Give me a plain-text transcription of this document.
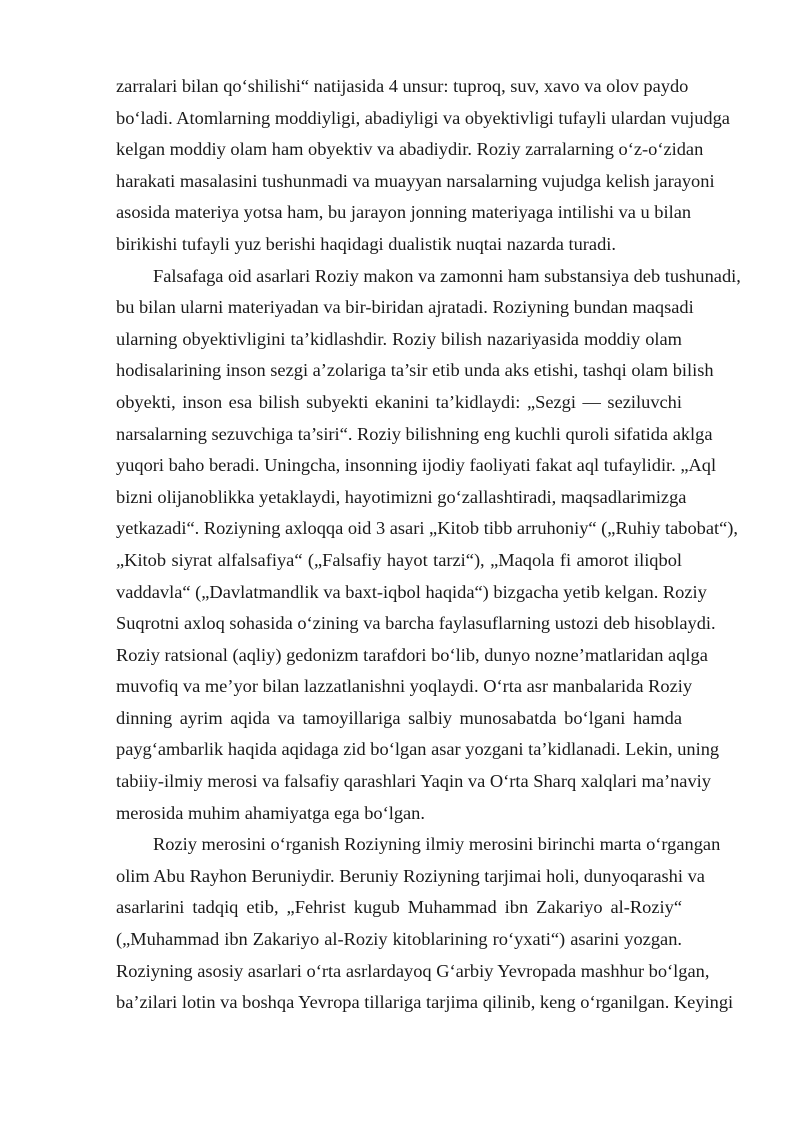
zarralari bilan qo‘shilishi“ natijasida 4 unsur: tuproq, suv, xavo va olov paydo
bo‘ladi. Atomlarning moddiyligi, abadiyligi va obyektivligi tufayli ulardan vujudga
kelgan moddiy olam ham obyektiv va abadiydir. Roziy zarralarning o‘z-o‘zidan
harakati masalasini tushunmadi va muayyan narsalarning vujudga kelish jarayoni
asosida materiya yotsa ham, bu jarayon jonning materiyaga intilishi va u bilan
birikishi tufayli yuz berishi haqidagi dualistik nuqtai nazarda turadi.
Falsafaga oid asarlari Roziy makon va zamonni ham substansiya deb tushunadi,
bu bilan ularni materiyadan va bir-biridan ajratadi. Roziyning bundan maqsadi
ularning obyektivligini ta’kidlashdir. Roziy bilish nazariyasida moddiy olam
hodisalarining inson sezgi a’zolariga ta’sir etib unda aks etishi, tashqi olam bilish
obyekti, inson esa bilish subyekti ekanini ta’kidlaydi: „Sezgi — seziluvchi
narsalarning sezuvchiga ta’siri“. Roziy bilishning eng kuchli quroli sifatida aklga
yuqori baho beradi. Uningcha, insonning ijodiy faoliyati fakat aql tufaylidir. „Aql
bizni olijanoblikka yetaklaydi, hayotimizni go‘zallashtiradi, maqsadlarimizga
yetkazadi“. Roziyning axloqqa oid 3 asari „Kitob tibb arruhoniy“ („Ruhiy tabobat“),
„Kitob siyrat alfalsafiya“ („Falsafiy hayot tarzi“), „Maqola fi amorot iliqbol
vaddavla“ („Davlatmandlik va baxt-iqbol haqida“) bizgacha yetib kelgan. Roziy
Suqrotni axloq sohasida o‘zining va barcha faylasuflarning ustozi deb hisoblaydi.
Roziy ratsional (aqliy) gedonizm tarafdori bo‘lib, dunyo nozne’matlaridan aqlga
muvofiq va me’yor bilan lazzatlanishni yoqlaydi. O‘rta asr manbalarida Roziy
dinning ayrim aqida va tamoyillariga salbiy munosabatda bo‘lgani hamda
payg‘ambarlik haqida aqidaga zid bo‘lgan asar yozgani ta’kidlanadi. Lekin, uning
tabiiy-ilmiy merosi va falsafiy qarashlari Yaqin va O‘rta Sharq xalqlari ma’naviy
merosida muhim ahamiyatga ega bo‘lgan.
Roziy merosini o‘rganish Roziyning ilmiy merosini birinchi marta o‘rgangan
olim Abu Rayhon Beruniydir. Beruniy Roziyning tarjimai holi, dunyoqarashi va
asarlarini tadqiq etib, „Fehrist kugub Muhammad ibn Zakariyo al-Roziy“
(„Muhammad ibn Zakariyo al-Roziy kitoblarining ro‘yxati“) asarini yozgan.
Roziyning asosiy asarlari o‘rta asrlardayoq G‘arbiy Yevropada mashhur bo‘lgan,
ba’zilari lotin va boshqa Yevropa tillariga tarjima qilinib, keng o‘rganilgan. Keyingi
